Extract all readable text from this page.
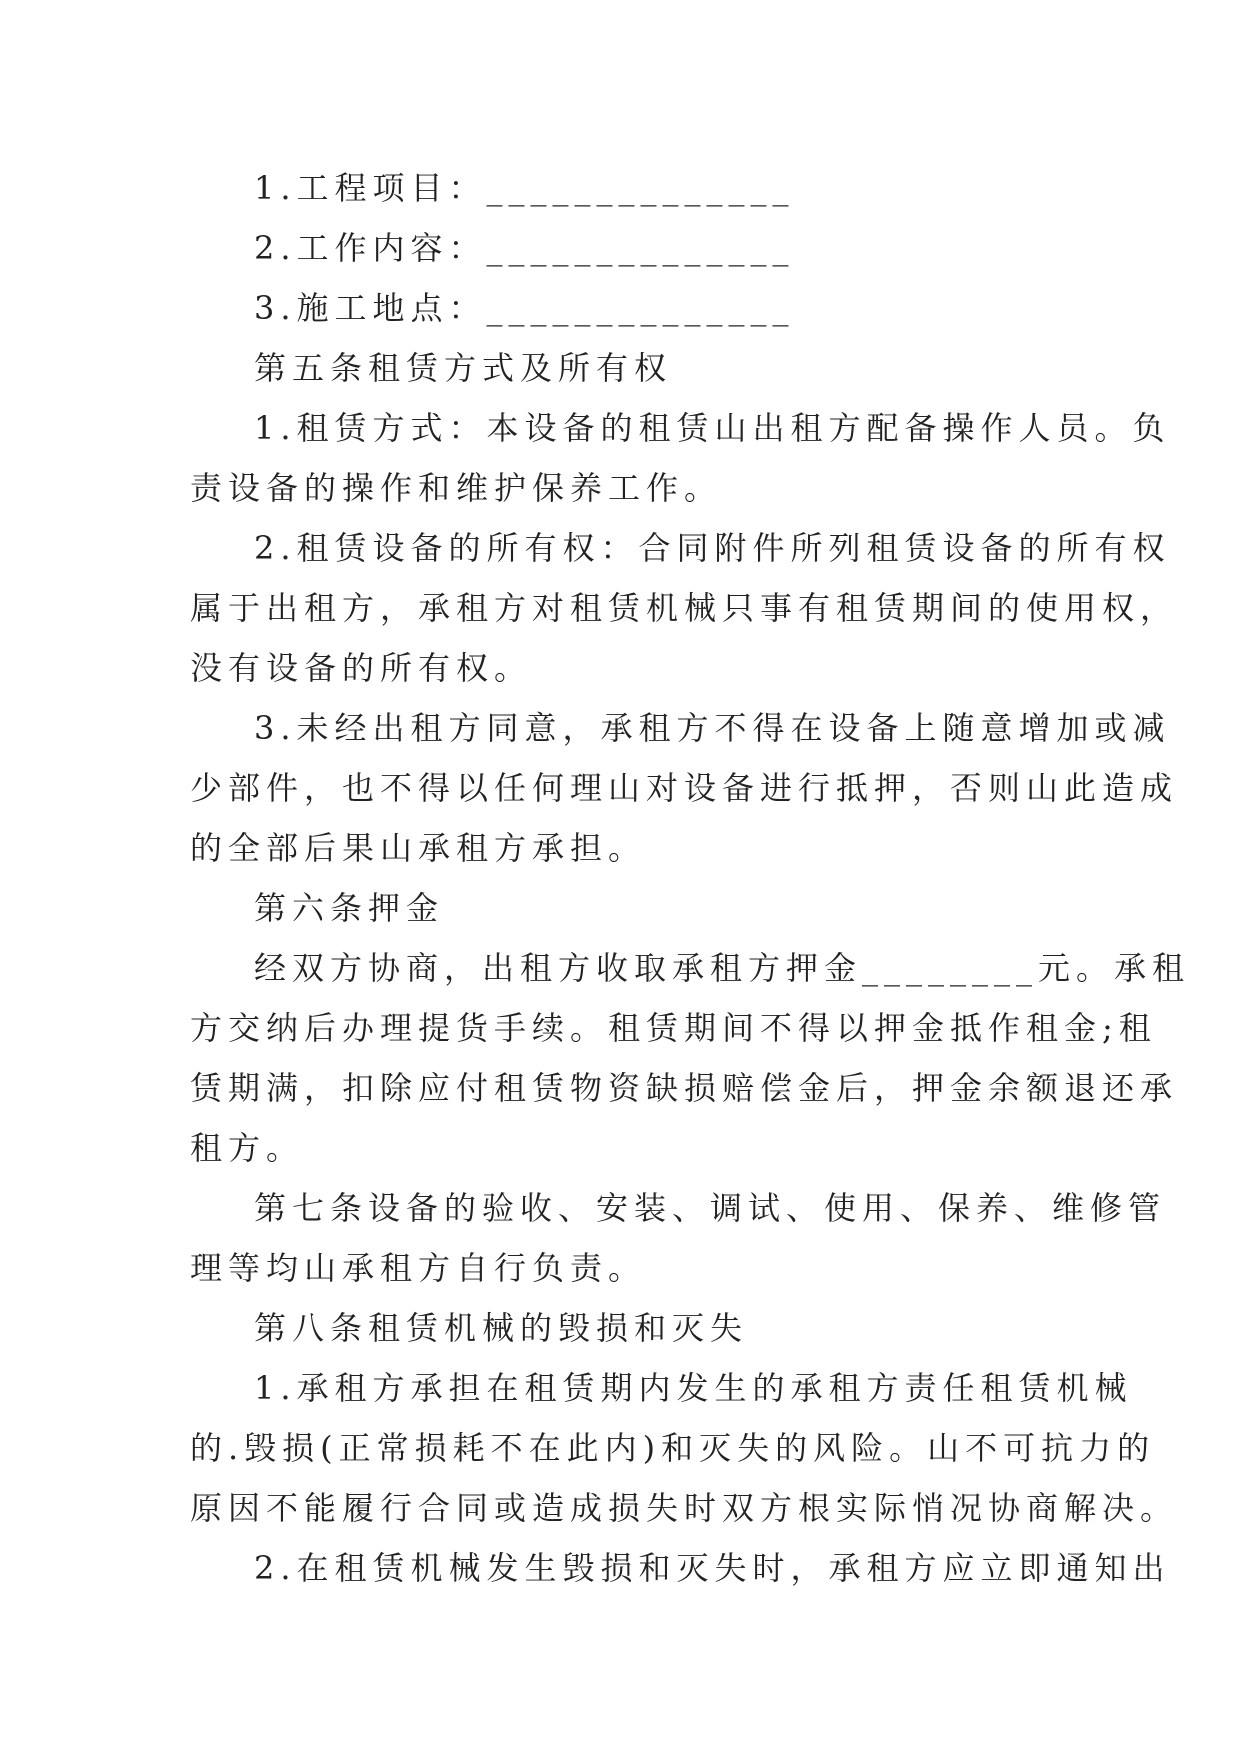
1.工程项目：______________
2.工作内容：______________
3.施工地点：______________
第五条租赁方式及所有权
1.租赁方式：本设备的租赁山出租方配备操作人员。负
责设备的操作和维护保养工作。
2.租赁设备的所有权：合同附件所列租赁设备的所有权
属于出租方，承租方对租赁机械只事有租赁期间的使用权，
没有设备的所有权。
3.未经出租方同意，承租方不得在设备上随意增加或减
少部件，也不得以任何理山对设备进行抵押，否则山此造成
的全部后果山承租方承担。
第六条押金
经双方协商，出租方收取承租方押金________元。承租
方交纳后办理提货手续。租赁期间不得以押金抵作租金;租
赁期满，扣除应付租赁物资缺损赔偿金后，押金余额退还承
租方。
第七条设备的验收、安装、调试、使用、保养、维修管
理等均山承租方自行负责。
第八条租赁机械的毁损和灭失
1.承租方承担在租赁期内发生的承租方责任租赁机械
的.毁损(正常损耗不在此内)和灭失的风险。山不可抗力的
原因不能履行合同或造成损失时双方根实际悄况协商解决。
2.在租赁机械发生毁损和灭失时，承租方应立即通知出
